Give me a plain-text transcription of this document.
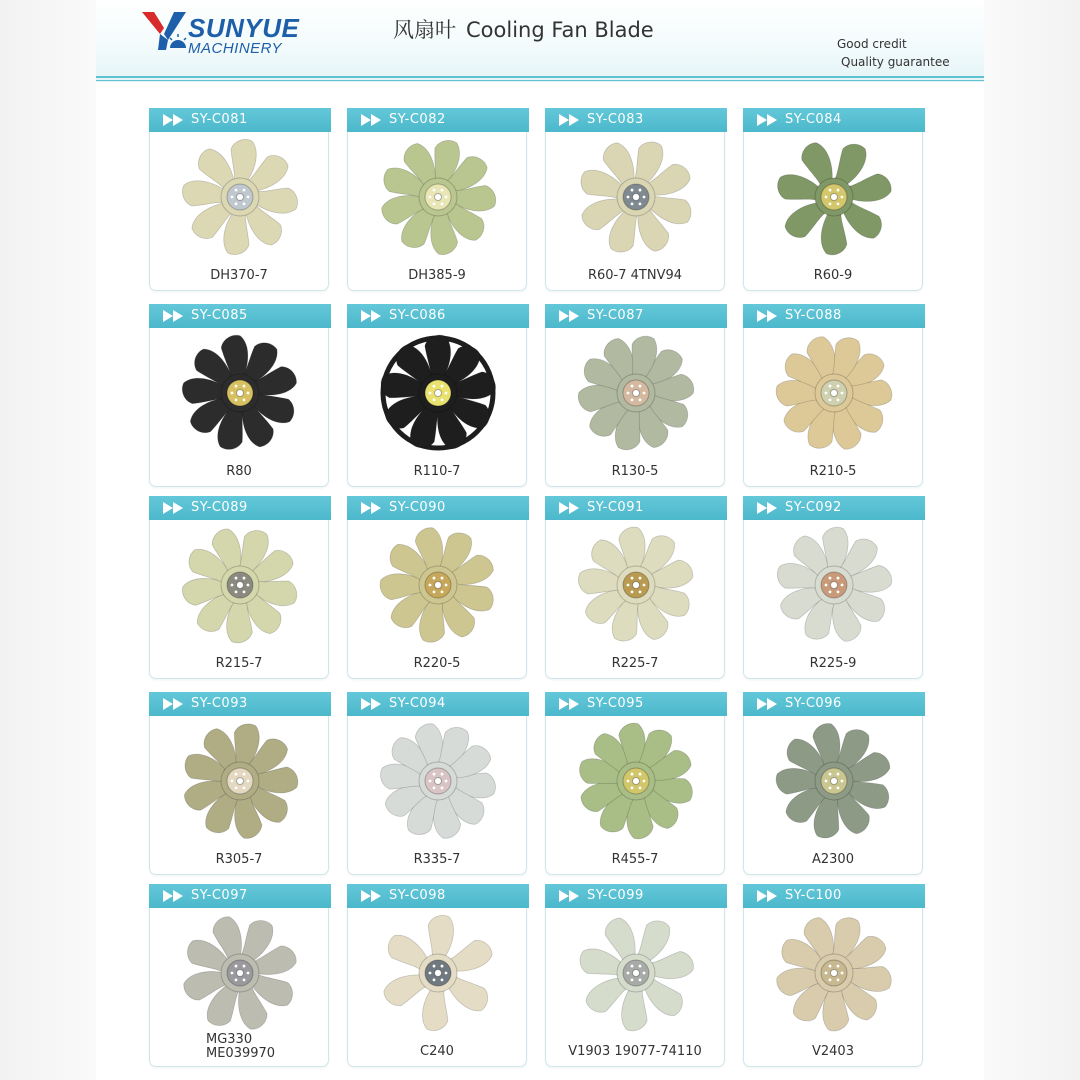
SUNYUE
MACHINERY
风扇叶 Cooling Fan Blade
Good credit
Quality guarantee
SY-C081
DH370-7
SY-C082
DH385-9
SY-C083
R60-7 4TNV94
SY-C084
R60-9
SY-C085
R80
SY-C086
R110-7
SY-C087
R130-5
SY-C088
R210-5
SY-C089
R215-7
SY-C090
R220-5
SY-C091
R225-7
SY-C092
R225-9
SY-C093
R305-7
SY-C094
R335-7
SY-C095
R455-7
SY-C096
A2300
SY-C097
MG330
ME039970
SY-C098
C240
SY-C099
V1903 19077-74110
SY-C100
V2403
